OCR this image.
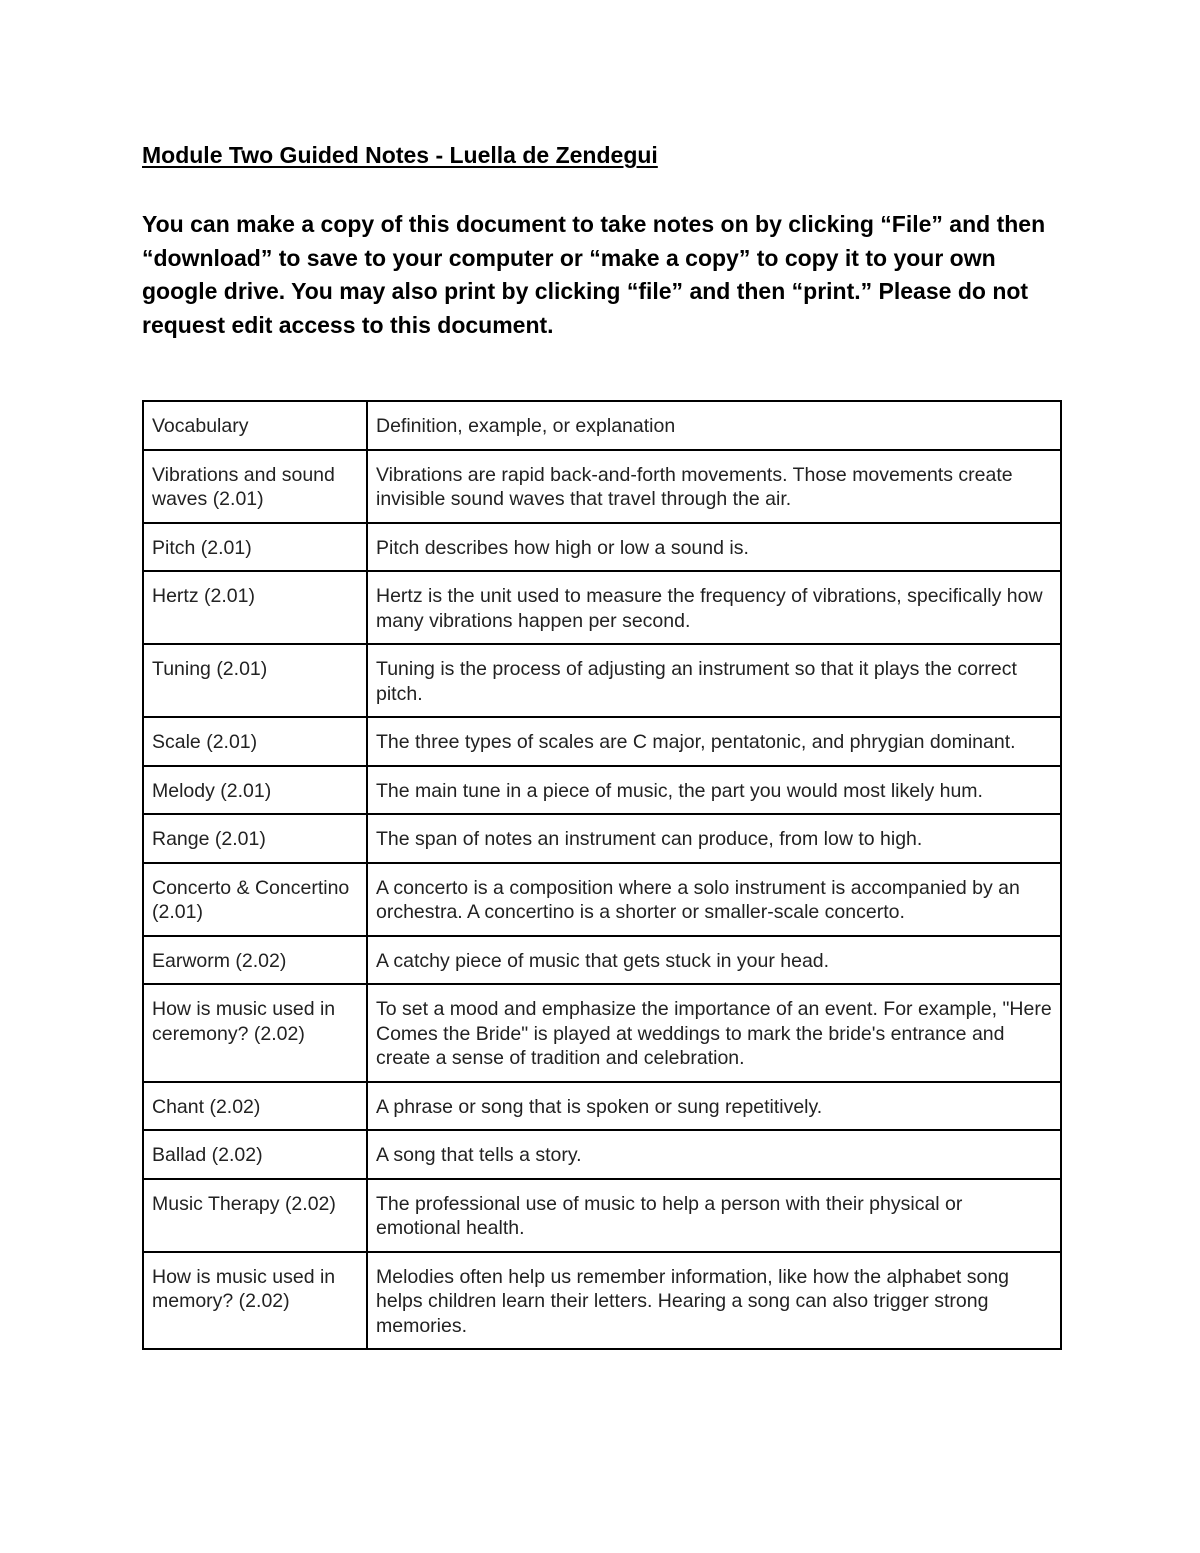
Module Two Guided Notes - Luella de Zendegui

You can make a copy of this document to take notes on by clicking “File” and then “download” to save to your computer or “make a copy” to copy it to your own google drive. You may also print by clicking “file” and then “print.” Please do not request edit access to this document.

Vocabulary	Definition, example, or explanation
Vibrations and sound waves (2.01)	Vibrations are rapid back-and-forth movements. Those movements create invisible sound waves that travel through the air.
Pitch (2.01)	Pitch describes how high or low a sound is.
Hertz (2.01)	Hertz is the unit used to measure the frequency of vibrations, specifically how many vibrations happen per second.
Tuning (2.01)	Tuning is the process of adjusting an instrument so that it plays the correct pitch.
Scale (2.01)	The three types of scales are C major, pentatonic, and phrygian dominant.
Melody (2.01)	The main tune in a piece of music, the part you would most likely hum.
Range (2.01)	The span of notes an instrument can produce, from low to high.
Concerto & Concertino (2.01)	A concerto is a composition where a solo instrument is accompanied by an orchestra. A concertino is a shorter or smaller-scale concerto.
Earworm (2.02)	A catchy piece of music that gets stuck in your head.
How is music used in ceremony? (2.02)	To set a mood and emphasize the importance of an event. For example, "Here Comes the Bride" is played at weddings to mark the bride's entrance and create a sense of tradition and celebration.
Chant (2.02)	A phrase or song that is spoken or sung repetitively.
Ballad (2.02)	A song that tells a story.
Music Therapy (2.02)	The professional use of music to help a person with their physical or emotional health.
How is music used in memory? (2.02)	Melodies often help us remember information, like how the alphabet song helps children learn their letters. Hearing a song can also trigger strong memories.
